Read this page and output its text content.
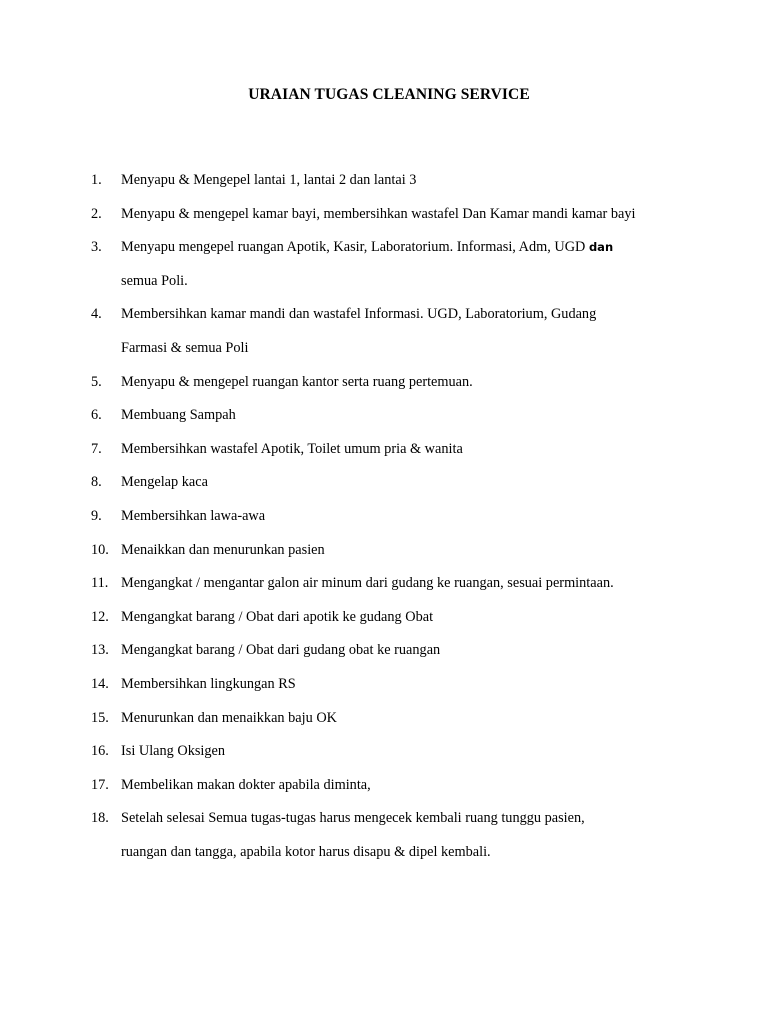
URAIAN TUGAS CLEANING SERVICE
1. Menyapu & Mengepel lantai 1, lantai 2 dan lantai 3
2. Menyapu & mengepel kamar bayi, membersihkan wastafel Dan Kamar mandi kamar bayi
3. Menyapu mengepel ruangan Apotik, Kasir, Laboratorium. Informasi, Adm, UGD dan
semua Poli.
4. Membersihkan kamar mandi dan wastafel Informasi. UGD, Laboratorium, Gudang
Farmasi & semua Poli
5. Menyapu & mengepel ruangan kantor serta ruang pertemuan.
6. Membuang Sampah
7. Membersihkan wastafel Apotik, Toilet umum pria & wanita
8. Mengelap kaca
9. Membersihkan lawa-awa
10. Menaikkan dan menurunkan pasien
11. Mengangkat / mengantar galon air minum dari gudang ke ruangan, sesuai permintaan.
12. Mengangkat barang / Obat dari apotik ke gudang Obat
13. Mengangkat barang / Obat dari gudang obat ke ruangan
14. Membersihkan lingkungan RS
15. Menurunkan dan menaikkan baju OK
16. Isi Ulang Oksigen
17. Membelikan makan dokter apabila diminta,
18. Setelah selesai Semua tugas-tugas harus mengecek kembali ruang tunggu pasien,
ruangan dan tangga, apabila kotor harus disapu & dipel kembali.
